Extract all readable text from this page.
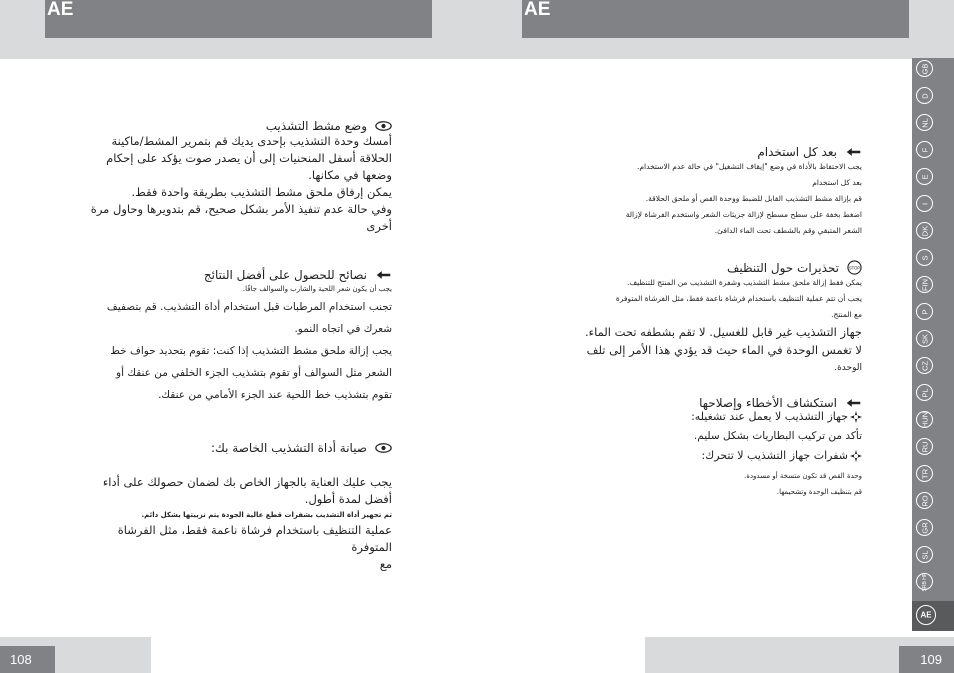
AE	AE
وضع مشط التشذيب

أمسك وحدة التشذيب بإحدى يديك قم بتمرير المشط/ماكينة

الحلاقة أسفل المنحنيات إلى أن يصدر صوت يؤكد على إحكام

وضعها في مكانها.

يمكن إرفاق ملحق مشط التشذيب بطريقة واحدة فقط.

وفي حالة عدم تنفيذ الأمر بشكل صحيح، قم بتدويرها وحاول مرة

أخرى

نصائح للحصول على أفضل النتائج

يجب أن يكون شعر اللحية والشارب والسوالف جافًا.

تجنب استخدام المرطبات قبل استخدام أداة التشذيب. قم بتصفيف

شعرك في اتجاه النمو.

يجب إزالة ملحق مشط التشذيب إذا كنت: تقوم بتحديد حواف خط

الشعر مثل السوالف أو تقوم بتشذيب الجزء الخلفي من عنقك أو

تقوم بتشذيب خط اللحية عند الجزء الأمامي من عنقك.

صيانة أداة التشذيب الخاصة بك:

يجب عليك العناية بالجهاز الخاص بك لضمان حصولك على أداء

أفضل لمدة أطول.

تم تجهيز أداة التشذيب بشفرات قطع عالية الجودة يتم تزييتها بشكل دائم.

عملية التنظيف باستخدام فرشاة ناعمة فقط، مثل الفرشاة المتوفرة

مع

بعد كل استخدام

يجب الاحتفاظ بالأداة في وضع "إيقاف التشغيل" في حالة عدم الاستخدام.

بعد كل استخدام

قم بإزالة مشط التشذيب القابل للضبط ووحدة القص أو ملحق الحلاقة.

اضغط بخفة على سطح مسطح لإزالة جزيئات الشعر واستخدم الفرشاة لإزالة

الشعر المتبقي وقم بالشطف تحت الماء الدافئ.

STOP
تحذيرات حول التنظيف

يمكن فقط إزالة ملحق مشط التشذيب وشفرة التشذيب من المنتج للتنظيف.

يجب أن تتم عملية التنظيف باستخدام فرشاة ناعمة فقط، مثل الفرشاة المتوفرة

مع المنتج.

جهاز التشذيب غير قابل للغسيل. لا تقم بشطفه تحت الماء.

لا تغمس الوحدة في الماء حيث قد يؤدي هذا الأمر إلى تلف

الوحدة.

استكشاف الأخطاء وإصلاحها
جهاز التشذيب لا يعمل عند تشغيله:

تأكد من تركيب البطاريات بشكل سليم.

شفرات جهاز التشذيب لا تتحرك:

وحدة القص قد تكون متسخة أو مسدودة.

قم بتنظيف الوحدة وتشحيمها.

GB
D
NL
F
E
I
DK
S
FIN
P
SK
CZ
PL
HUN
RU
TR
RO
GR
SL
SRB HR
AE
108	109
